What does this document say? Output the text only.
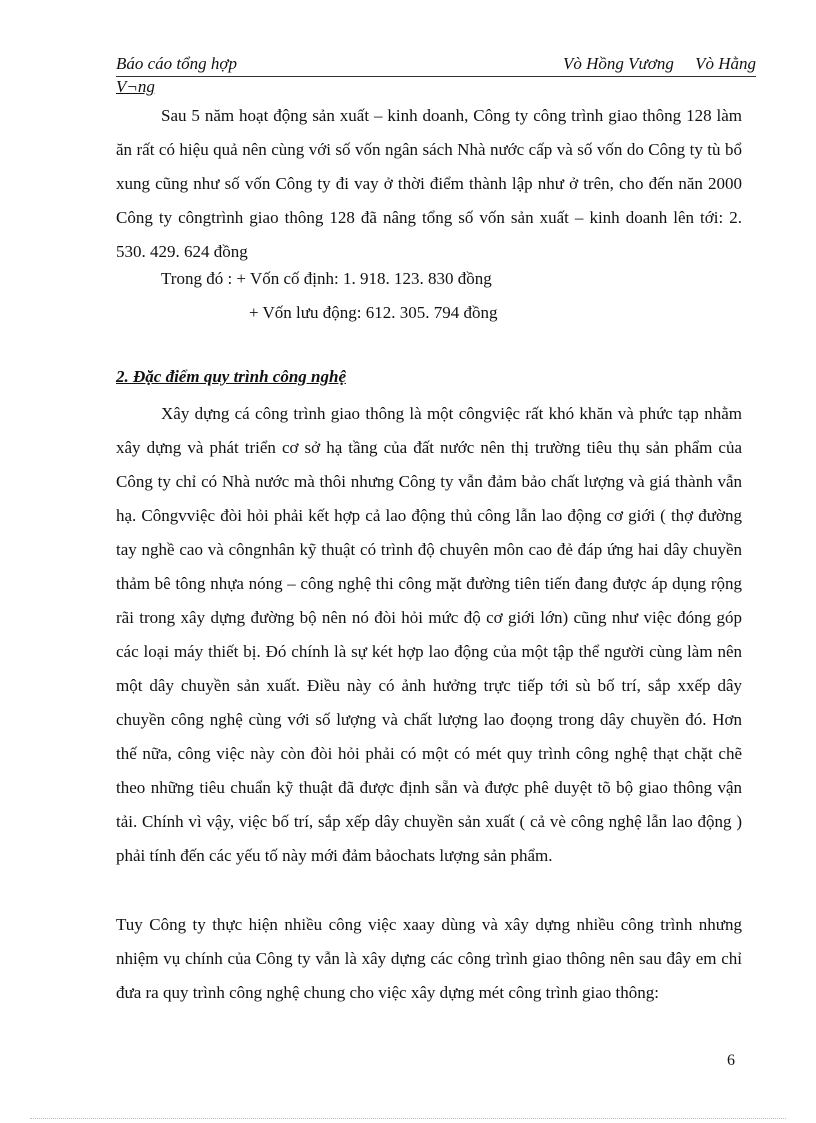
Báo cáo tổng hợp	Vò Hồng Vương     Vò Hằng
V¬ng
Sau 5 năm hoạt động sản xuất – kinh doanh, Công ty công trình giao thông 128 làm ăn rất có hiệu quả nên cùng với số vốn ngân sách Nhà nước cấp và số vốn do Công ty tù bổ xung cũng như số vốn Công ty đi vay ở thời điểm thành lập như ở trên, cho đến năn 2000 Công ty côngtrình giao thông 128 đã nâng tổng số vốn sản xuất – kinh doanh lên tới: 2. 530. 429. 624 đồng
Trong đó : + Vốn cố định: 1. 918. 123. 830 đồng
+ Vốn lưu động: 612. 305. 794 đồng
2. Đặc điểm quy trình công nghệ
Xây dựng cá công trình giao thông là một côngviệc rất khó khăn và phức tạp nhằm xây dựng và phát triển cơ sở hạ tầng của đất nước nên thị trường tiêu thụ sản phẩm của Công ty chỉ có Nhà nước mà thôi nhưng Công ty vẫn đảm bảo chất lượng và giá thành vẫn hạ. Côngvviệc đòi hỏi phải kết hợp cả lao động thủ công lẫn lao động cơ giới ( thợ đường tay nghề cao và côngnhân kỹ thuật có trình độ chuyên môn cao đẻ đáp ứng hai dây chuyền thảm bê tông nhựa nóng – công nghệ thi công mặt đường tiên tiến đang được áp dụng rộng rãi trong xây dựng đường bộ nên nó đòi hỏi mức độ cơ giới lớn) cũng như việc đóng góp các loại máy thiết bị. Đó chính là sự két hợp lao động của một tập thể người cùng làm nên một dây chuyền sản xuất. Điều này có ảnh hưởng trực tiếp tới sù bố trí, sắp xxếp dây chuyền công nghệ cùng với số lượng và chất lượng lao đoọng trong dây chuyền đó. Hơn thế nữa, công việc này còn đòi hỏi phải có một có mét quy trình công nghệ thạt chặt chẽ theo những tiêu chuẩn kỹ thuật đã được định sẵn và được phê duyệt tõ bộ giao thông vận tải. Chính vì vậy, việc bố trí, sắp xếp dây chuyền sản xuất ( cả vè công nghệ lẫn lao động ) phải tính đến các yếu tố này mới đảm bảochats lượng sản phẩm.
Tuy Công ty thực hiện nhiều công việc xaay dùng và xây dựng nhiều công trình nhưng nhiệm vụ chính của Công ty vẫn là xây dựng các công trình giao thông nên sau đây em chỉ đưa ra quy trình công nghệ chung cho việc xây dựng mét công trình giao thông:
6
